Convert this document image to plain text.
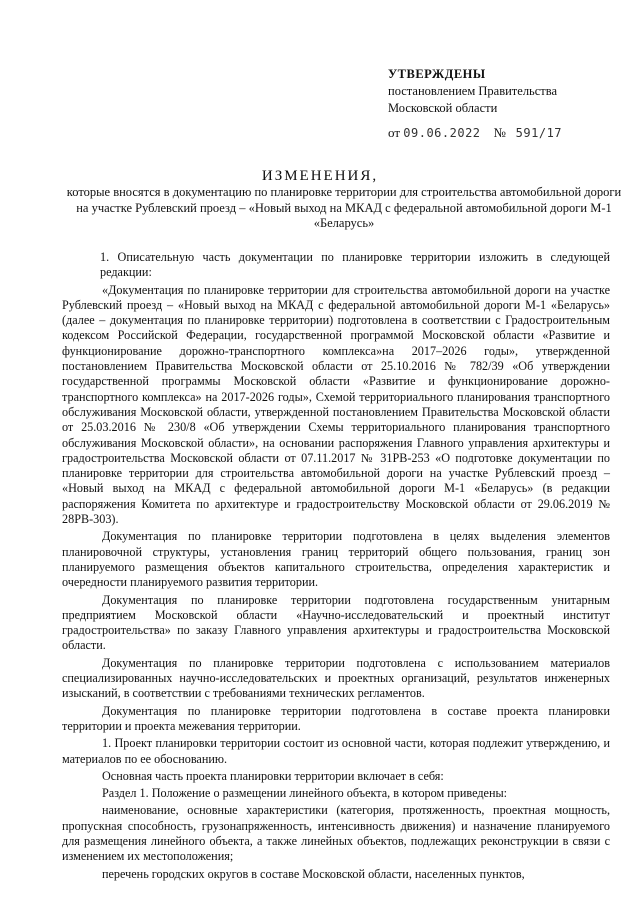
УТВЕРЖДЕНЫ
постановлением Правительства
Московской области
от 09.06.2022 № 591/17
ИЗМЕНЕНИЯ,
которые вносятся в документацию по планировке территории для строительства автомобильной дороги на участке Рублевский проезд – «Новый выход на МКАД с федеральной автомобильной дороги М-1 «Беларусь»

1. Описательную часть документации по планировке территории изложить в следующей редакции:

«Документация по планировке территории для строительства автомобильной дороги на участке Рублевский проезд – «Новый выход на МКАД с федеральной автомобильной дороги М-1 «Беларусь» (далее – документация по планировке территории) подготовлена в соответствии с Градостроительным кодексом Российской Федерации, государственной программой Московской области «Развитие и функционирование дорожно-транспортного комплекса»на 2017–2026 годы», утвержденной постановлением Правительства Московской области от 25.10.2016 № 782/39 «Об утверждении государственной программы Московской области «Развитие и функционирование дорожно-транспортного комплекса» на 2017-2026 годы», Схемой территориального планирования транспортного обслуживания Московской области, утвержденной постановлением Правительства Московской области от 25.03.2016 № 230/8 «Об утверждении Схемы территориального планирования транспортного обслуживания Московской области», на основании распоряжения Главного управления архитектуры и градостроительства Московской области от 07.11.2017 № 31РВ-253 «О подготовке документации по планировке территории для строительства автомобильной дороги на участке Рублевский проезд – «Новый выход на МКАД с федеральной автомобильной дороги М-1 «Беларусь» (в редакции распоряжения Комитета по архитектуре и градостроительству Московской области от 29.06.2019 № 28РВ-303).

Документация по планировке территории подготовлена в целях выделения элементов планировочной структуры, установления границ территорий общего пользования, границ зон планируемого размещения объектов капитального строительства, определения характеристик и очередности планируемого развития территории.

Документация по планировке территории подготовлена государственным унитарным предприятием Московской области «Научно-исследовательский и проектный институт градостроительства» по заказу Главного управления архитектуры и градостроительства Московской области.

Документация по планировке территории подготовлена с использованием материалов специализированных научно-исследовательских и проектных организаций, результатов инженерных изысканий, в соответствии с требованиями технических регламентов.

Документация по планировке территории подготовлена в составе проекта планировки территории и проекта межевания территории.

1. Проект планировки территории состоит из основной части, которая подлежит утверждению, и материалов по ее обоснованию.

Основная часть проекта планировки территории включает в себя:

Раздел 1. Положение о размещении линейного объекта, в котором приведены:

наименование, основные характеристики (категория, протяженность, проектная мощность, пропускная способность, грузонапряженность, интенсивность движения) и назначение планируемого для размещения линейного объекта, а также линейных объектов, подлежащих реконструкции в связи с изменением их местоположения;

перечень городских округов в составе Московской области, населенных пунктов,
